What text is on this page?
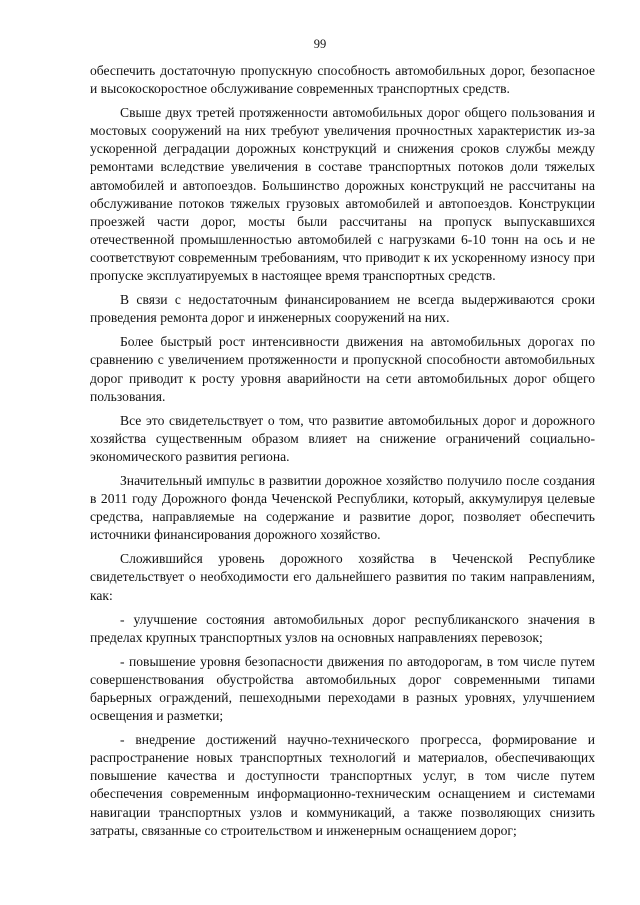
99

обеспечить достаточную пропускную способность автомобильных дорог, безопасное и высокоскоростное обслуживание современных транспортных средств.

Свыше двух третей протяженности автомобильных дорог общего пользования и мостовых сооружений на них требуют увеличения прочностных характеристик из-за ускоренной деградации дорожных конструкций и снижения сроков службы между ремонтами вследствие увеличения в составе транспортных потоков доли тяжелых автомобилей и автопоездов. Большинство дорожных конструкций не рассчитаны на обслуживание потоков тяжелых грузовых автомобилей и автопоездов. Конструкции проезжей части дорог, мосты были рассчитаны на пропуск выпускавшихся отечественной промышленностью автомобилей с нагрузками 6-10 тонн на ось и не соответствуют современным требованиям, что приводит к их ускоренному износу при пропуске эксплуатируемых в настоящее время транспортных средств.

В связи с недостаточным финансированием не всегда выдерживаются сроки проведения ремонта дорог и инженерных сооружений на них.

Более быстрый рост интенсивности движения на автомобильных дорогах по сравнению с увеличением протяженности и пропускной способности автомобильных дорог приводит к росту уровня аварийности на сети автомобильных дорог общего пользования.

Все это свидетельствует о том, что развитие автомобильных дорог и дорожного хозяйства существенным образом влияет на снижение ограничений социально-экономического развития региона.

Значительный импульс в развитии дорожное хозяйство получило после создания в 2011 году Дорожного фонда Чеченской Республики, который, аккумулируя целевые средства, направляемые на содержание и развитие дорог, позволяет обеспечить источники финансирования дорожного хозяйство.

Сложившийся уровень дорожного хозяйства в Чеченской Республике свидетельствует о необходимости его дальнейшего развития по таким направлениям, как:

- улучшение состояния автомобильных дорог республиканского значения в пределах крупных транспортных узлов на основных направлениях перевозок;

- повышение уровня безопасности движения по автодорогам, в том числе путем совершенствования обустройства автомобильных дорог современными типами барьерных ограждений, пешеходными переходами в разных уровнях, улучшением освещения и разметки;

- внедрение достижений научно-технического прогресса, формирование и распространение новых транспортных технологий и материалов, обеспечивающих повышение качества и доступности транспортных услуг, в том числе путем обеспечения современным информационно-техническим оснащением и системами навигации транспортных узлов и коммуникаций, а также позволяющих снизить затраты, связанные со строительством и инженерным оснащением дорог;
